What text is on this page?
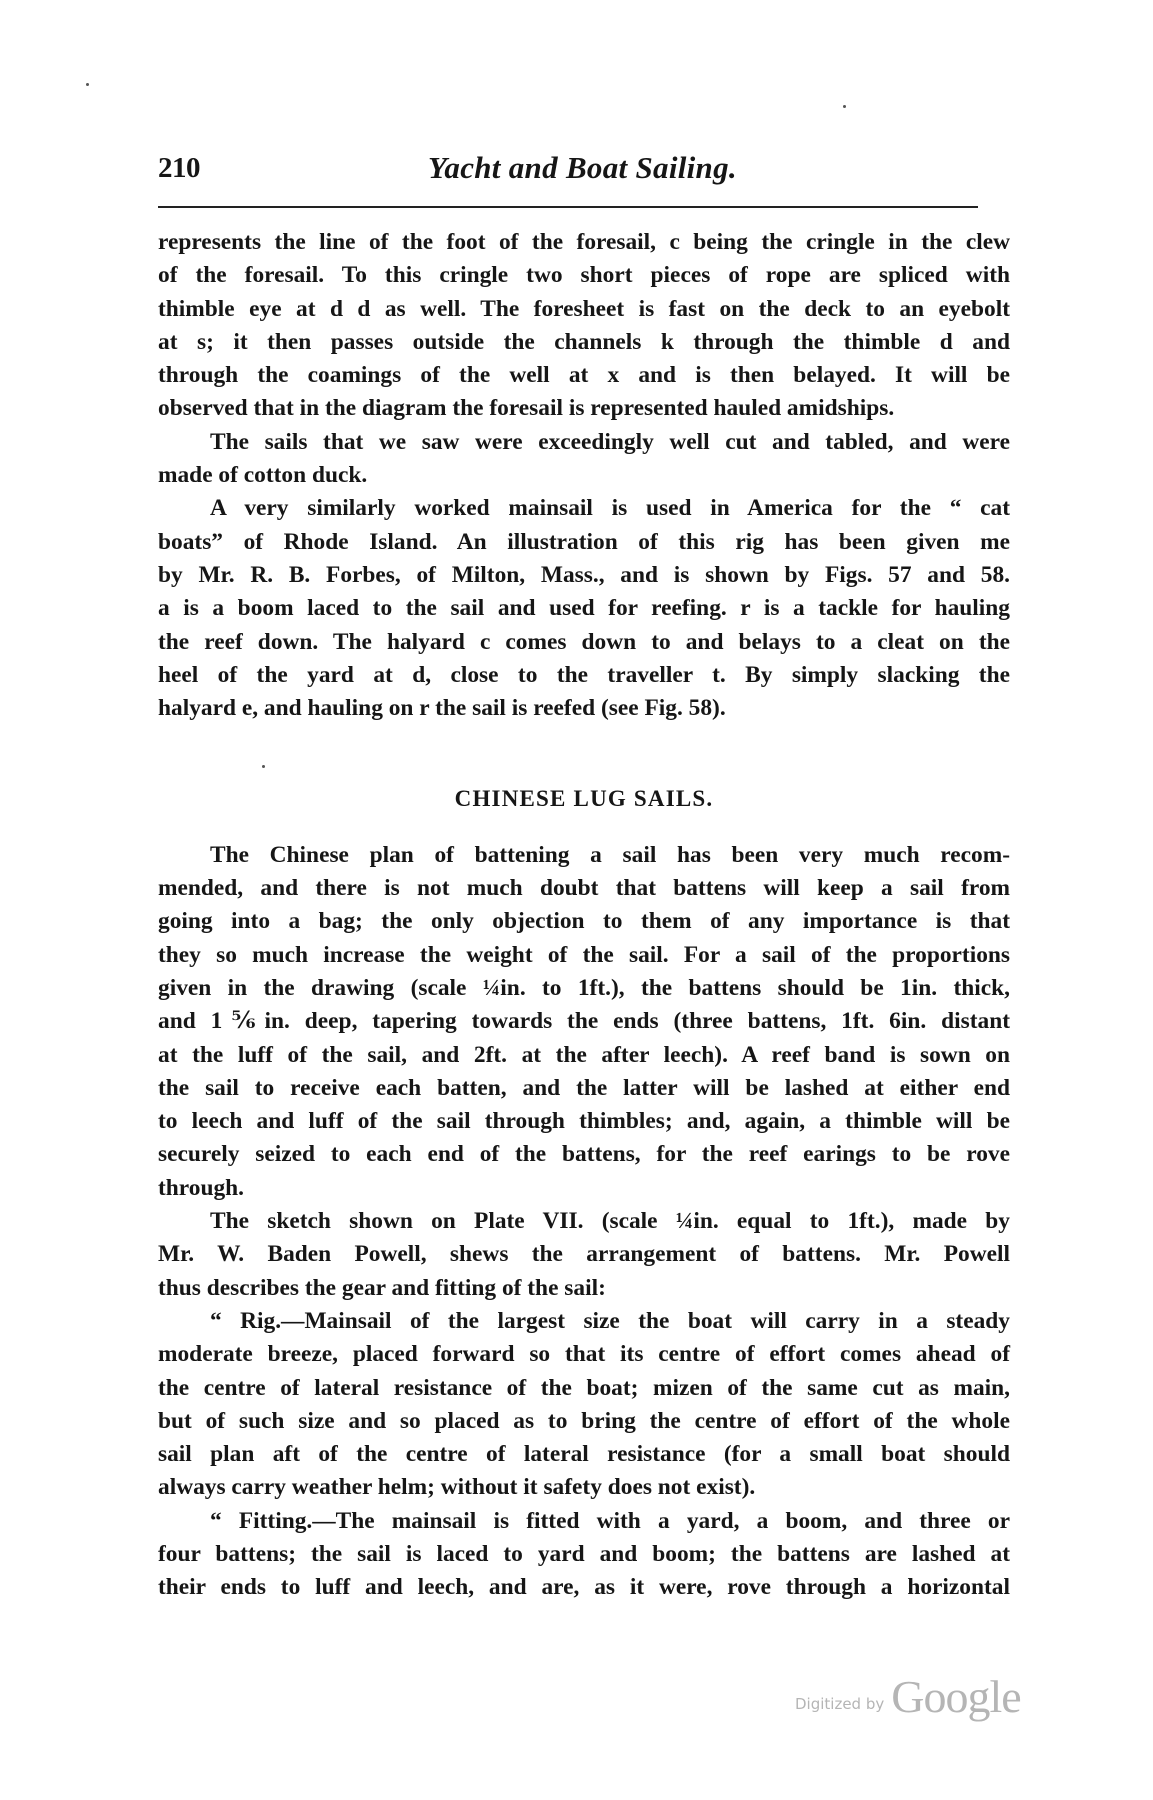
210	Yacht and Boat Sailing.

represents the line of the foot of the foresail, c being the cringle in the clew
of the foresail. To this cringle two short pieces of rope are spliced with
thimble eye at d d as well. The foresheet is fast on the deck to an eyebolt
at s; it then passes outside the channels k through the thimble d and
through the coamings of the well at x and is then belayed. It will be
observed that in the diagram the foresail is represented hauled amidships.

The sails that we saw were exceedingly well cut and tabled, and were
made of cotton duck.

A very similarly worked mainsail is used in America for the “ cat
boats” of Rhode Island. An illustration of this rig has been given me
by Mr. R. B. Forbes, of Milton, Mass., and is shown by Figs. 57 and 58.
a is a boom laced to the sail and used for reefing. r is a tackle for hauling
the reef down. The halyard c comes down to and belays to a cleat on the
heel of the yard at d, close to the traveller t. By simply slacking the
halyard e, and hauling on r the sail is reefed (see Fig. 58).

CHINESE LUG SAILS.

The Chinese plan of battening a sail has been very much recom-
mended, and there is not much doubt that battens will keep a sail from
going into a bag; the only objection to them of any importance is that
they so much increase the weight of the sail. For a sail of the proportions
given in the drawing (scale ¼in. to 1ft.), the battens should be 1in. thick,
and 1⅚in. deep, tapering towards the ends (three battens, 1ft. 6in. distant
at the luff of the sail, and 2ft. at the after leech). A reef band is sown on
the sail to receive each batten, and the latter will be lashed at either end
to leech and luff of the sail through thimbles; and, again, a thimble will be
securely seized to each end of the battens, for the reef earings to be rove
through.

The sketch shown on Plate VII. (scale ¼in. equal to 1ft.), made by
Mr. W. Baden Powell, shews the arrangement of battens. Mr. Powell
thus describes the gear and fitting of the sail:

“ Rig.—Mainsail of the largest size the boat will carry in a steady
moderate breeze, placed forward so that its centre of effort comes ahead of
the centre of lateral resistance of the boat; mizen of the same cut as main,
but of such size and so placed as to bring the centre of effort of the whole
sail plan aft of the centre of lateral resistance (for a small boat should
always carry weather helm; without it safety does not exist).

“ Fitting.—The mainsail is fitted with a yard, a boom, and three or
four battens; the sail is laced to yard and boom; the battens are lashed at
their ends to luff and leech, and are, as it were, rove through a horizontal

Digitized by Google
